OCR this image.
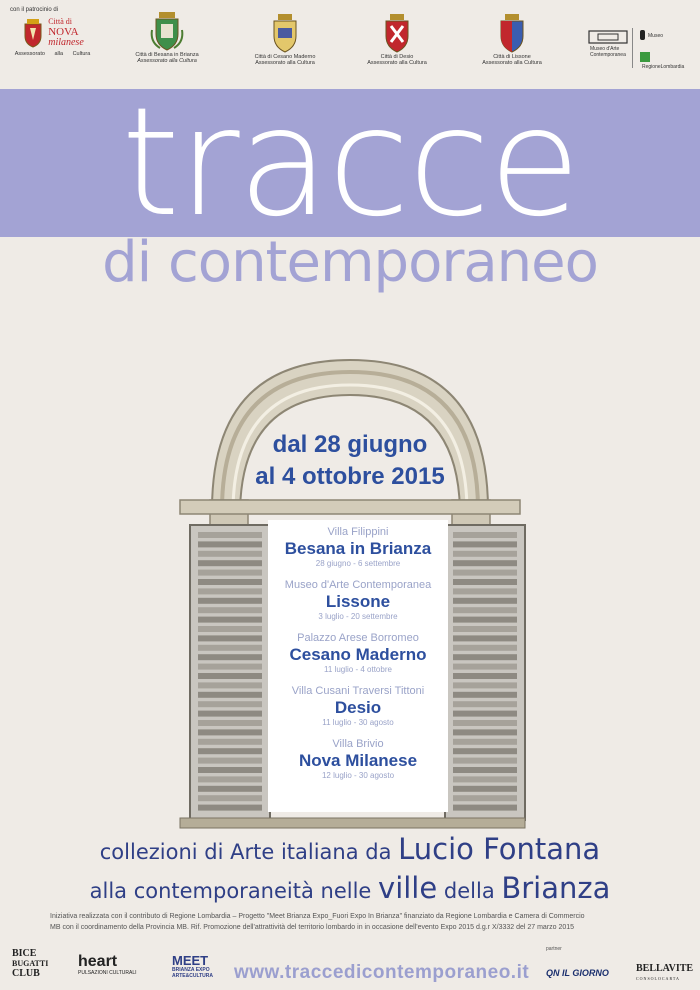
con il patrocinio di
Città di
NOVA
milanese
Assessorato alla Cultura	Città di Besana in Brianza
Assessorato alla Cultura
Città di Cesano Maderno
Assessorato alla Cultura
Città di Desio
Assessorato alla Cultura
Città di Lissone
Assessorato alla Cultura
Museo d'Arte Contemporanea
Museo
RegioneLombardia
tracce
di contemporaneo
dal 28 giugno
al 4 ottobre 2015
Villa Filippini
Besana in Brianza
28 giugno - 6 settembre
Museo d'Arte Contemporanea
Lissone
3 luglio - 20 settembre
Palazzo Arese Borromeo
Cesano Maderno
11 luglio - 4 ottobre
Villa Cusani Traversi Tittoni
Desio
11 luglio - 30 agosto
Villa Brivio
Nova Milanese
12 luglio - 30 agosto
collezioni di Arte italiana da Lucio Fontana
alla contemporaneità nelle ville della Brianza
Iniziativa realizzata con il contributo di Regione Lombardia – Progetto "Meet Brianza Expo_Fuori Expo In Brianza" finanziato da Regione Lombardia e Camera di Commercio
MB con il coordinamento della Provincia MB. Rif. Promozione dell'attrattività del territorio lombardo in in occasione dell'evento Expo 2015 d.g.r X/3332 del 27 marzo 2015
BICE
BUGATTI
CLUB
heart
PULSAZIONI CULTURALI
MEET
BRIANZA EXPO
ARTE&CULTURA www.traccedicontemporaneo.it
partner
QN IL GIORNO	BELLAVITE
CONSOLOCARTA
